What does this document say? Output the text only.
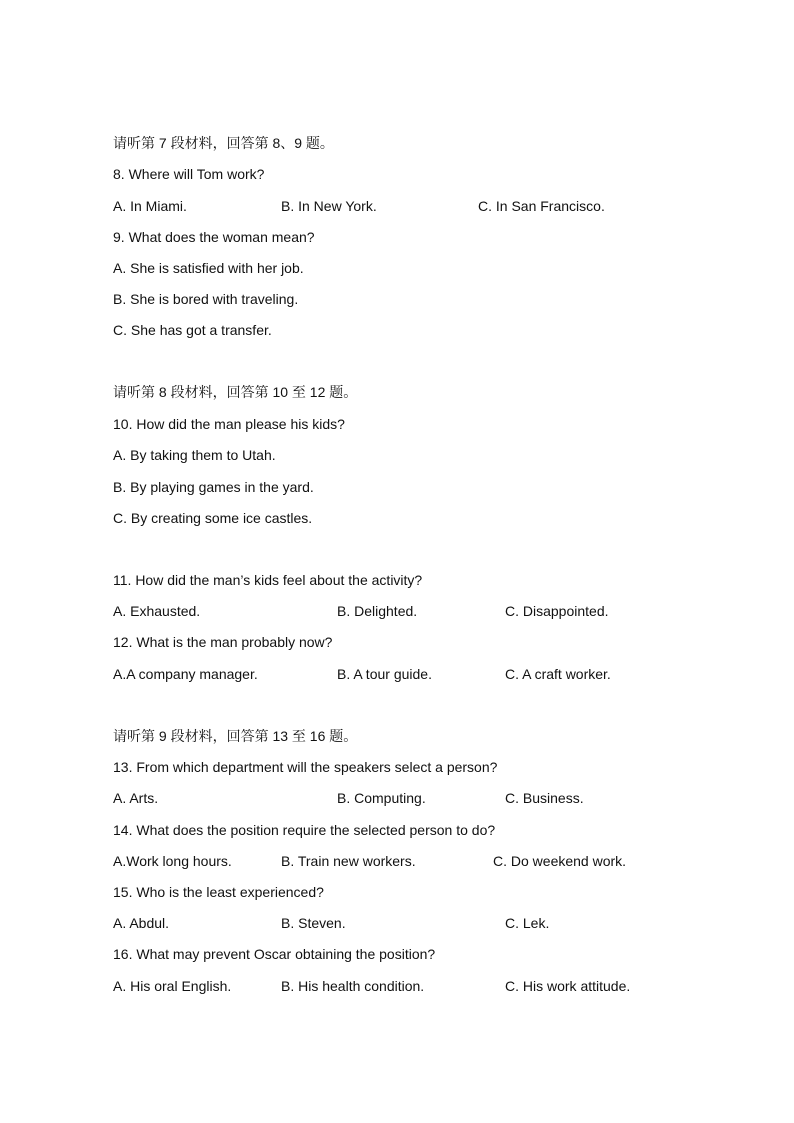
请听第 7 段材料，回答第 8、9 题。
8. Where will Tom work?
A. In Miami.	B. In New York.	C. In San Francisco.
9. What does the woman mean?
A. She is satisfied with her job.
B. She is bored with traveling.
C. She has got a transfer.
请听第 8 段材料，回答第 10 至 12 题。
10. How did the man please his kids?
A. By taking them to Utah.
B. By playing games in the yard.
C. By creating some ice castles.
11. How did the man’s kids feel about the activity?
A. Exhausted.	B. Delighted.	C. Disappointed.
12. What is the man probably now?
A.A company manager.	B. A tour guide.	C. A craft worker.
请听第 9 段材料，回答第 13 至 16 题。
13. From which department will the speakers select a person?
A. Arts.	B. Computing.	C. Business.
14. What does the position require the selected person to do?
A.Work long hours.	B. Train new workers.	C. Do weekend work.
15. Who is the least experienced?
A. Abdul.	B. Steven.	C. Lek.
16. What may prevent Oscar obtaining the position?
A. His oral English.	B. His health condition.	C. His work attitude.
